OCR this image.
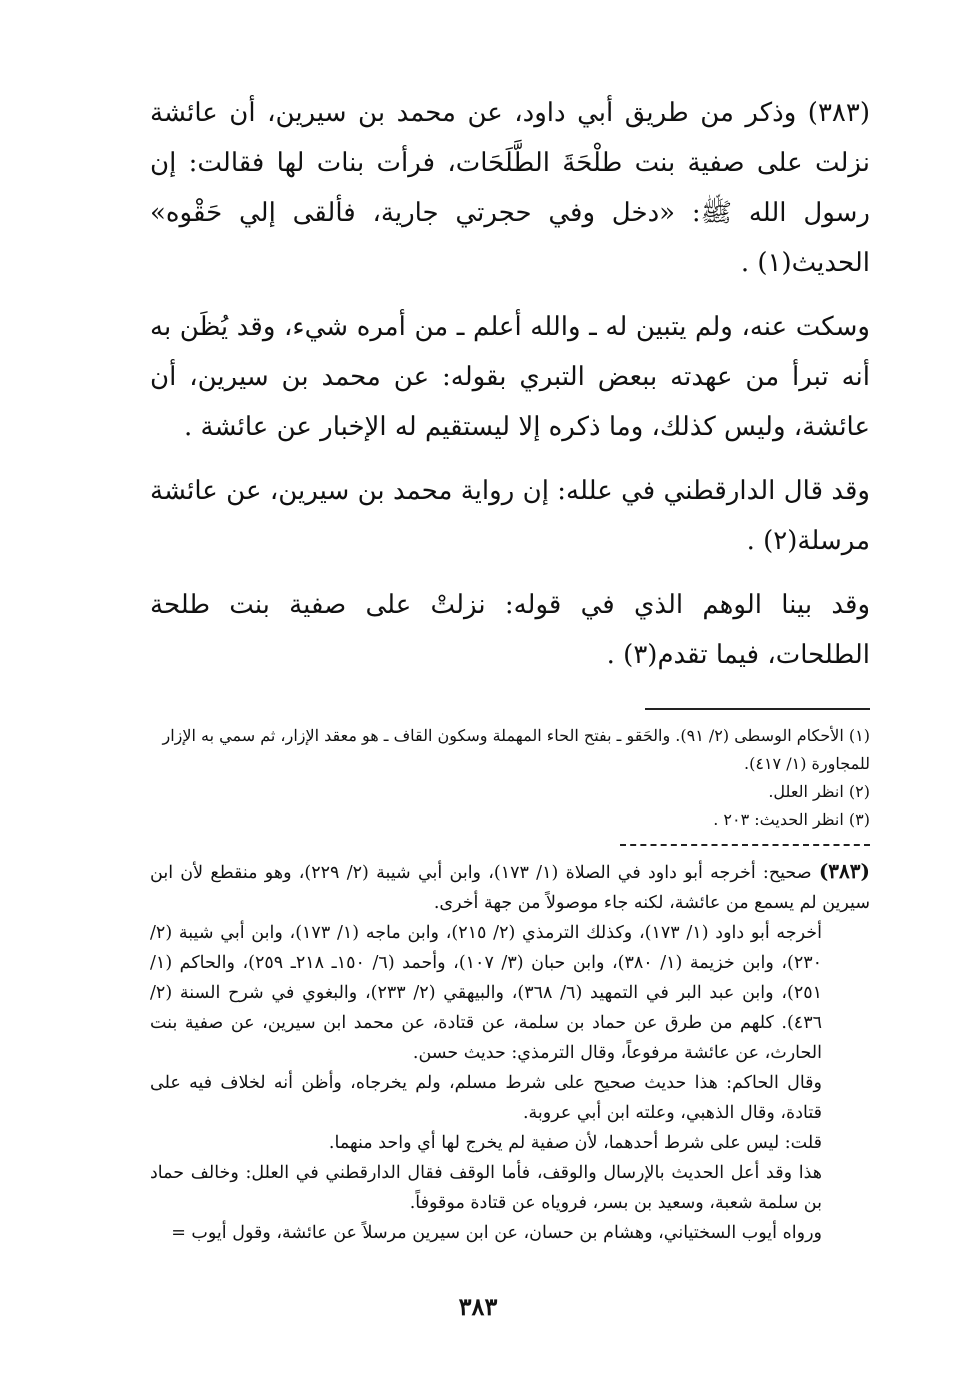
(٣٨٣) وذكر من طريق أبي داود، عن محمد بن سيرين، أن عائشة نزلت على صفية بنت طلْحَةَ الطَّلَحَات، فرأت بنات لها فقالت: إن رسول الله ﷺ: «دخل وفي حجرتي جارية، فألقى إلي حَقْوه» الحديث(١) .

وسكت عنه، ولم يتبين له ـ والله أعلم ـ من أمره شيء، وقد يُظَن به أنه تبرأ من عهدته ببعض التبري بقوله: عن محمد بن سيرين، أن عائشة، وليس كذلك، وما ذكره إلا ليستقيم له الإخبار عن عائشة .

وقد قال الدارقطني في علله: إن رواية محمد بن سيرين، عن عائشة مرسلة(٢) .

وقد بينا الوهم الذي في قوله: نزلتْ على صفية بنت طلحة الطلحات، فيما تقدم(٣) .

(١) الأحكام الوسطى (٢/ ٩١). والحَقو ـ بفتح الحاء المهملة وسكون القاف ـ هو معقد الإزار، ثم سمي به الإزار للمجاورة (١/ ٤١٧).

(٢) انظر العلل.

(٣) انظر الحديث: ٢٠٣ .

(٣٨٣) صحيح: أخرجه أبو داود في الصلاة (١/ ١٧٣)، وابن أبي شيبة (٢/ ٢٢٩)، وهو منقطع لأن ابن سيرين لم يسمع من عائشة، لكنه جاء موصولاً من جهة أخرى.

أخرجه أبو داود (١/ ١٧٣)، وكذلك الترمذي (٢/ ٢١٥)، وابن ماجه (١/ ١٧٣)، وابن أبي شيبة (٢/ ٢٣٠)، وابن خزيمة (١/ ٣٨٠)، وابن حبان (٣/ ١٠٧)، وأحمد (٦/ ١٥٠ـ ٢١٨ـ ٢٥٩)، والحاكم (١/ ٢٥١)، وابن عبد البر في التمهيد (٦/ ٣٦٨)، والبيهقي (٢/ ٢٣٣)، والبغوي في شرح السنة (٢/ ٤٣٦). كلهم من طرق عن حماد بن سلمة، عن قتادة، عن محمد ابن سيرين، عن صفية بنت الحارث، عن عائشة مرفوعاً، وقال الترمذي: حديث حسن.

وقال الحاكم: هذا حديث صحيح على شرط مسلم، ولم يخرجاه، وأظن أنه لخلاف فيه على قتادة، وقال الذهبي، وعلته ابن أبي عروبة.

قلت: ليس على شرط أحدهما، لأن صفية لم يخرج لها أي واحد منهما.

هذا وقد أعل الحديث بالإرسال والوقف، فأما الوقف فقال الدارقطني في العلل: وخالف حماد بن سلمة شعبة، وسعيد بن بسر، فروياه عن قتادة موقوفاً.

ورواه أيوب السختياني، وهشام بن حسان، عن ابن سيرين مرسلاً عن عائشة، وقول أيوب =

٣٨٣
